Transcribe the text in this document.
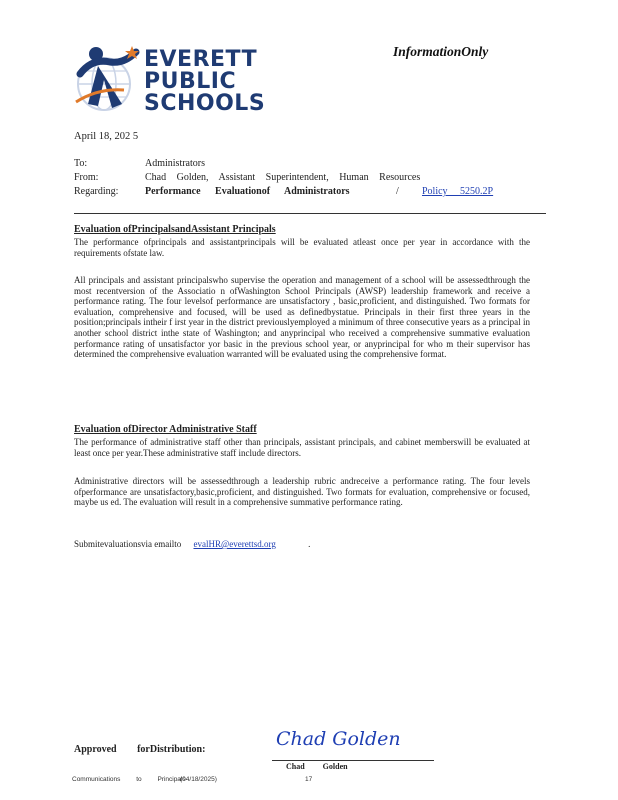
EVERETT
PUBLIC
SCHOOLS
InformationOnly
April 18, 202 5
To:	Administrators
From:	Chad Golden, Assistant Superintendent, Human Resources
Regarding:	Performance Evaluationof Administrators	/ Policy 5250.2P
Evaluation ofPrincipalsandAssistant Principals
The performance ofprincipals and assistantprincipals will be evaluated atleast once per year in accordance with the requirements ofstate law.
All principals and assistant principalswho supervise the operation and management of a school will be assessedthrough the most recentversion of the Associatio n ofWashington School Principals (AWSP) leadership framework and receive a performance rating. The four levelsof performance are unsatisfactory , basic,proficient, and distinguished. Two formats for evaluation, comprehensive and focused, will be used as definedbystatue. Principals in their first three years in the position;principals intheir f irst year in the district previouslyemployed a minimum of three consecutive years as a principal in another school district inthe state of Washington; and anyprincipal who received a comprehensive summative evaluation performance rating of unsatisfactor yor basic in the previous school year, or anyprincipal for who m their supervisor has determined the comprehensive evaluation warranted will be evaluated using the comprehensive format.
Evaluation ofDirector Administrative Staff
The performance of administrative staff other than principals, assistant principals, and cabinet memberswill be evaluated at least once per year.These administrative staff include directors.
Administrative directors will be assessedthrough a leadership rubric andreceive a performance rating. The four levels ofperformance are unsatisfactory,basic,proficient, and distinguished. Two formats for evaluation, comprehensive or focused, maybe us ed. The evaluation will result in a comprehensive summative performance rating.
Submitevaluationsvia emailto evalHR@everettsd.org	.
Approved forDistribution:	Chad Golden
Chad Golden
Communications to Principals
(04/18/2025)	17
